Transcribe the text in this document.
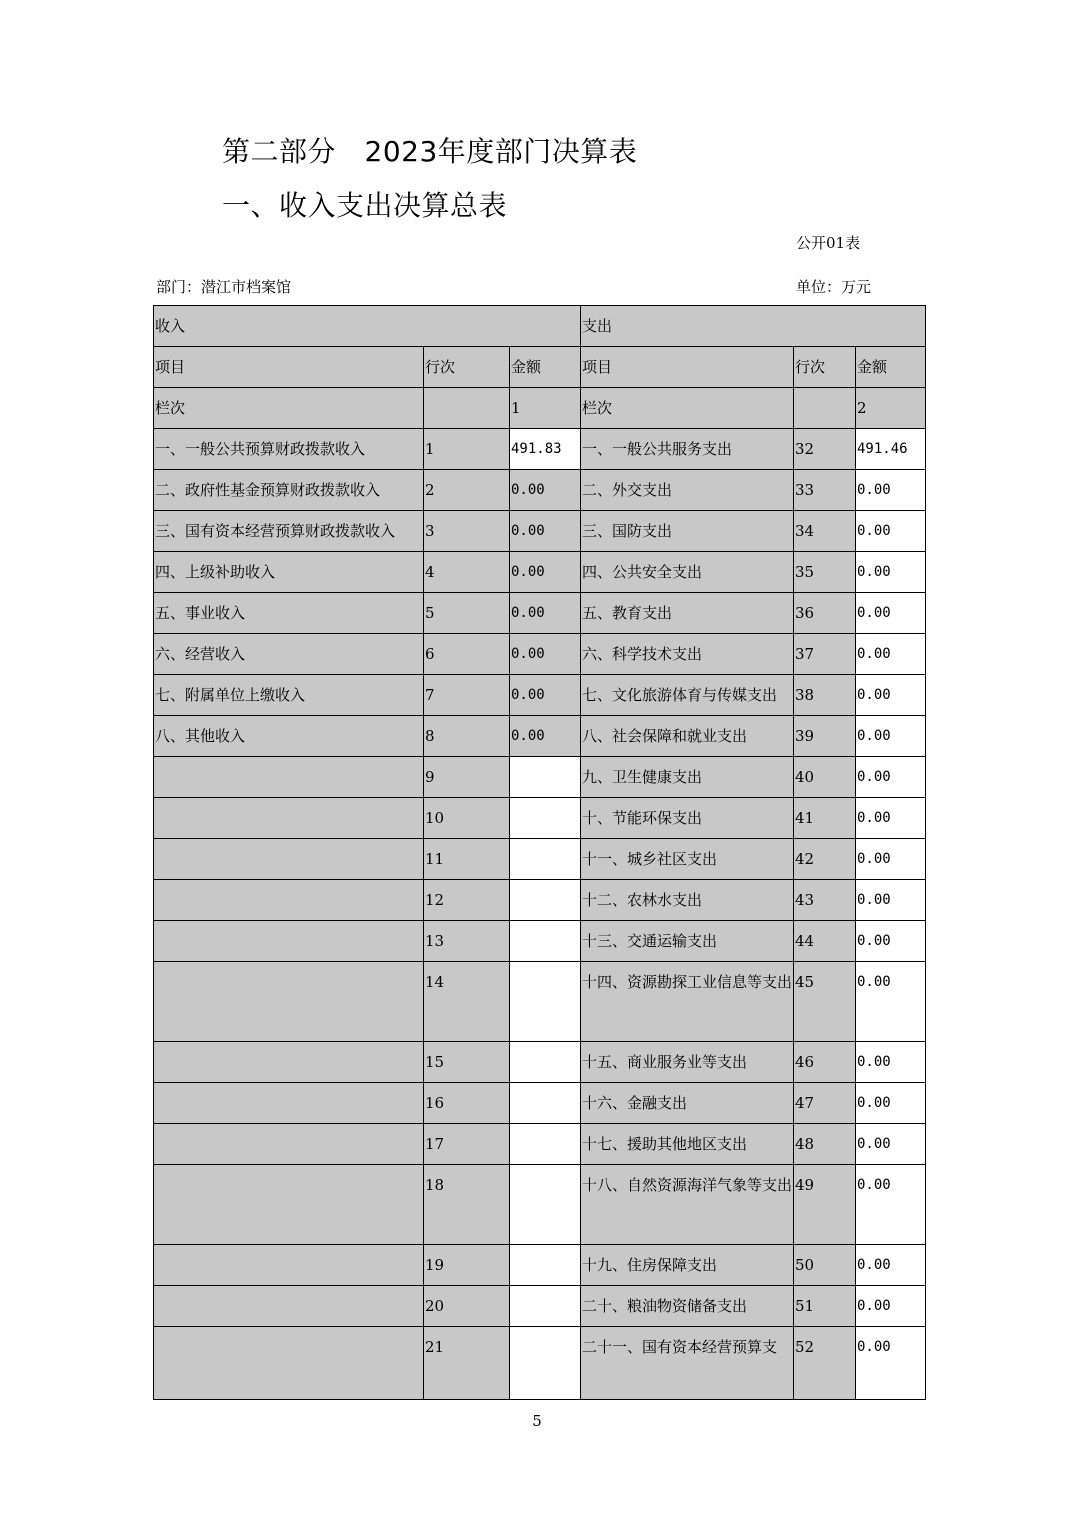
第二部分　2023年度部门决算表
一、收入支出决算总表
公开01表
部门：潜江市档案馆	单位：万元
收入			支出		
项目	行次	金额	项目	行次	金额
栏次		1	栏次		2
一、一般公共预算财政拨款收入	1	491.83	一、一般公共服务支出	32	491.46
二、政府性基金预算财政拨款收入	2	0.00	二、外交支出	33	0.00
三、国有资本经营预算财政拨款收入	3	0.00	三、国防支出	34	0.00
四、上级补助收入	4	0.00	四、公共安全支出	35	0.00
五、事业收入	5	0.00	五、教育支出	36	0.00
六、经营收入	6	0.00	六、科学技术支出	37	0.00
七、附属单位上缴收入	7	0.00	七、文化旅游体育与传媒支出	38	0.00
八、其他收入	8	0.00	八、社会保障和就业支出	39	0.00
	9		九、卫生健康支出	40	0.00
	10		十、节能环保支出	41	0.00
	11		十一、城乡社区支出	42	0.00
	12		十二、农林水支出	43	0.00
	13		十三、交通运输支出	44	0.00
	14		十四、资源勘探工业信息等支出	45	0.00
	15		十五、商业服务业等支出	46	0.00
	16		十六、金融支出	47	0.00
	17		十七、援助其他地区支出	48	0.00
	18		十八、自然资源海洋气象等支出	49	0.00
	19		十九、住房保障支出	50	0.00
	20		二十、粮油物资储备支出	51	0.00
	21		二十一、国有资本经营预算支	52	0.00
5
